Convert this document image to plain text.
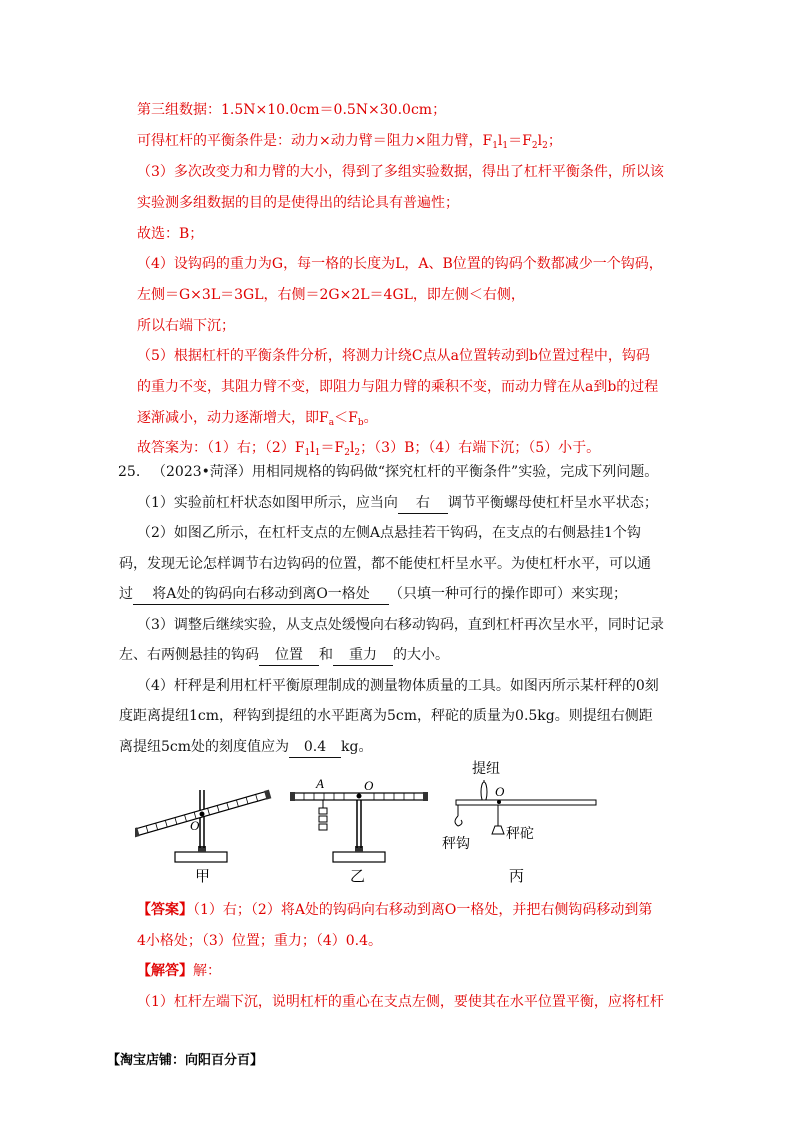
第三组数据：1.5N×10.0cm＝0.5N×30.0cm；
可得杠杆的平衡条件是：动力×动力臂＝阻力×阻力臂，$F_1l_1=F_2l_2$；
（3）多次改变力和力臂的大小，得到了多组实验数据，得出了杠杆平衡条件，所以该
实验测多组数据的目的是使得出的结论具有普遍性；
故选：B；
（4）设钩码的重力为G，每一格的长度为L，A、B位置的钩码个数都减少一个钩码，
左侧＝G×3L＝3GL，右侧＝2G×2L＝4GL，即左侧＜右侧，
所以右端下沉；
（5）根据杠杆的平衡条件分析，将测力计绕C点从a位置转动到b位置过程中，钩码
的重力不变，其阻力臂不变，即阻力与阻力臂的乘积不变，而动力臂在从a到b的过程
逐渐减小，动力逐渐增大，即$F_a<F_b$。
故答案为：（1）右；$(2)F_1l_1=F_2l_2$；（3）B；（4）右端下沉；（5）小于。
25. （2023•菏泽）用相同规格的钩码做“探究杠杆的平衡条件”实验，完成下列问题。
（1）实验前杠杆状态如图甲所示，应当向 右 调节平衡螺母使杠杆呈水平状态；
（2）如图乙所示，在杠杆支点的左侧A点悬挂若干钩码，在支点的右侧悬挂1个钩
码，发现无论怎样调节右边钩码的位置，都不能使杠杆呈水平。为使杠杆水平，可以通
过 将A处的钩码向右移动到离O一格处 （只填一种可行的操作即可）来实现；
（3）调整后继续实验，从支点处缓慢向右移动钩码，直到杠杆再次呈水平，同时记录
左、右两侧悬挂的钩码 位置 和 重力 的大小。
（4）杆秤是利用杠杆平衡原理制成的测量物体质量的工具。如图丙所示某杆秤的0刻
度距离提纽1cm，秤钩到提纽的水平距离为5cm，秤砣的质量为0.5kg。则提纽右侧距
离提纽5cm处的刻度值应为 0.4 kg。
O
甲
A	O
乙
提纽
O
秤钩
秤砣
丙
【答案】（1）右；（2）将A处的钩码向右移动到离O一格处，并把右侧钩码移动到第
4小格处；（3）位置；重力；（4）0.4。
【解答】解：
（1）杠杆左端下沉，说明杠杆的重心在支点左侧，要使其在水平位置平衡，应将杠杆
【淘宝店铺：向阳百分百】
